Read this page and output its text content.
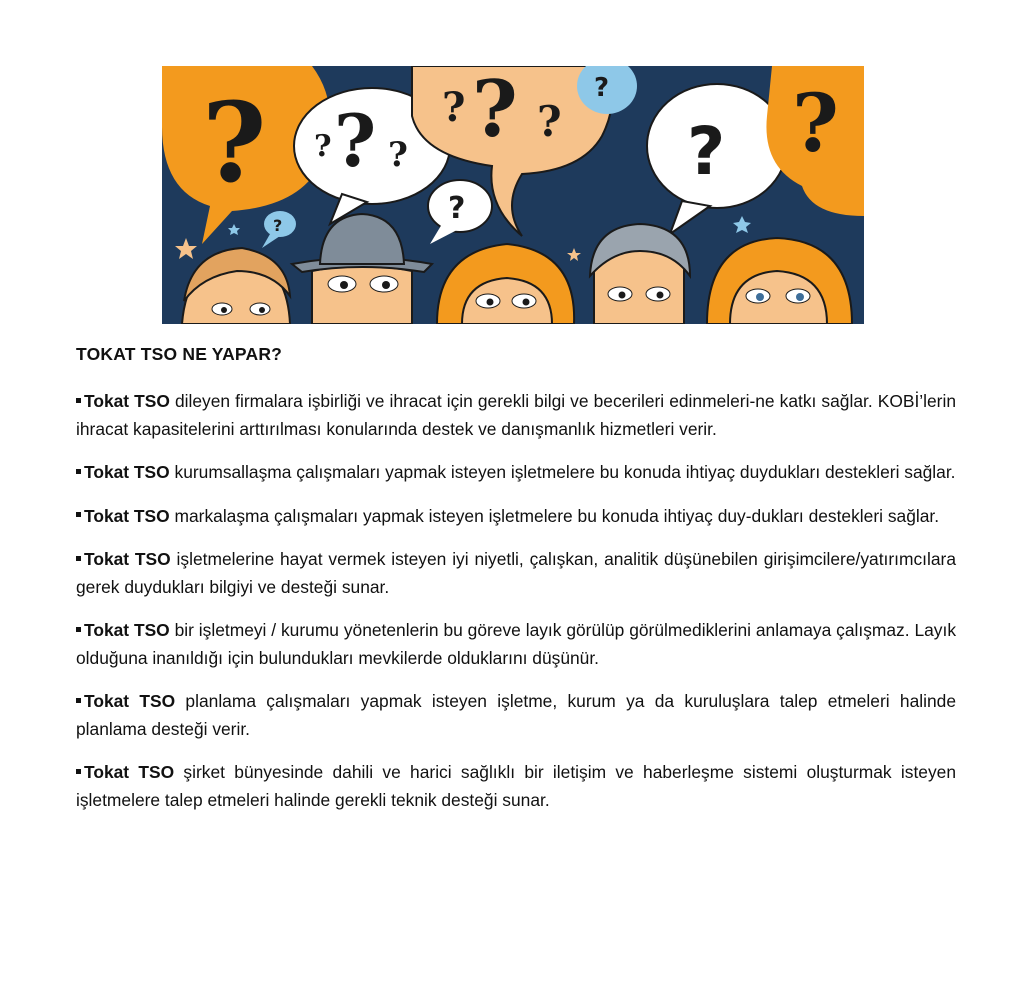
? ?
? ?
?
?
?
? ?
?
? ?
TOKAT TSO NE YAPAR?

Tokat TSO dileyen firmalara işbirliği ve ihracat için gerekli bilgi ve becerileri edinmeleri-ne katkı sağlar. KOBİ’lerin ihracat kapasitelerini arttırılması konularında destek ve danışmanlık hizmetleri verir.

Tokat TSO kurumsallaşma çalışmaları yapmak isteyen işletmelere bu konuda ihtiyaç duydukları destekleri sağlar.

Tokat TSO markalaşma çalışmaları yapmak isteyen işletmelere bu konuda ihtiyaç duy-dukları destekleri sağlar.

Tokat TSO işletmelerine hayat vermek isteyen iyi niyetli, çalışkan, analitik düşünebilen girişimcilere/yatırımcılara gerek duydukları bilgiyi ve desteği sunar.

Tokat TSO bir işletmeyi / kurumu yönetenlerin bu göreve layık görülüp görülmediklerini anlamaya çalışmaz. Layık olduğuna inanıldığı için bulundukları mevkilerde olduklarını düşünür.

Tokat TSO planlama çalışmaları yapmak isteyen işletme, kurum ya da kuruluşlara talep etmeleri halinde planlama desteği verir.

Tokat TSO şirket bünyesinde dahili ve harici sağlıklı bir iletişim ve haberleşme sistemi oluşturmak isteyen işletmelere talep etmeleri halinde gerekli teknik desteği sunar.
